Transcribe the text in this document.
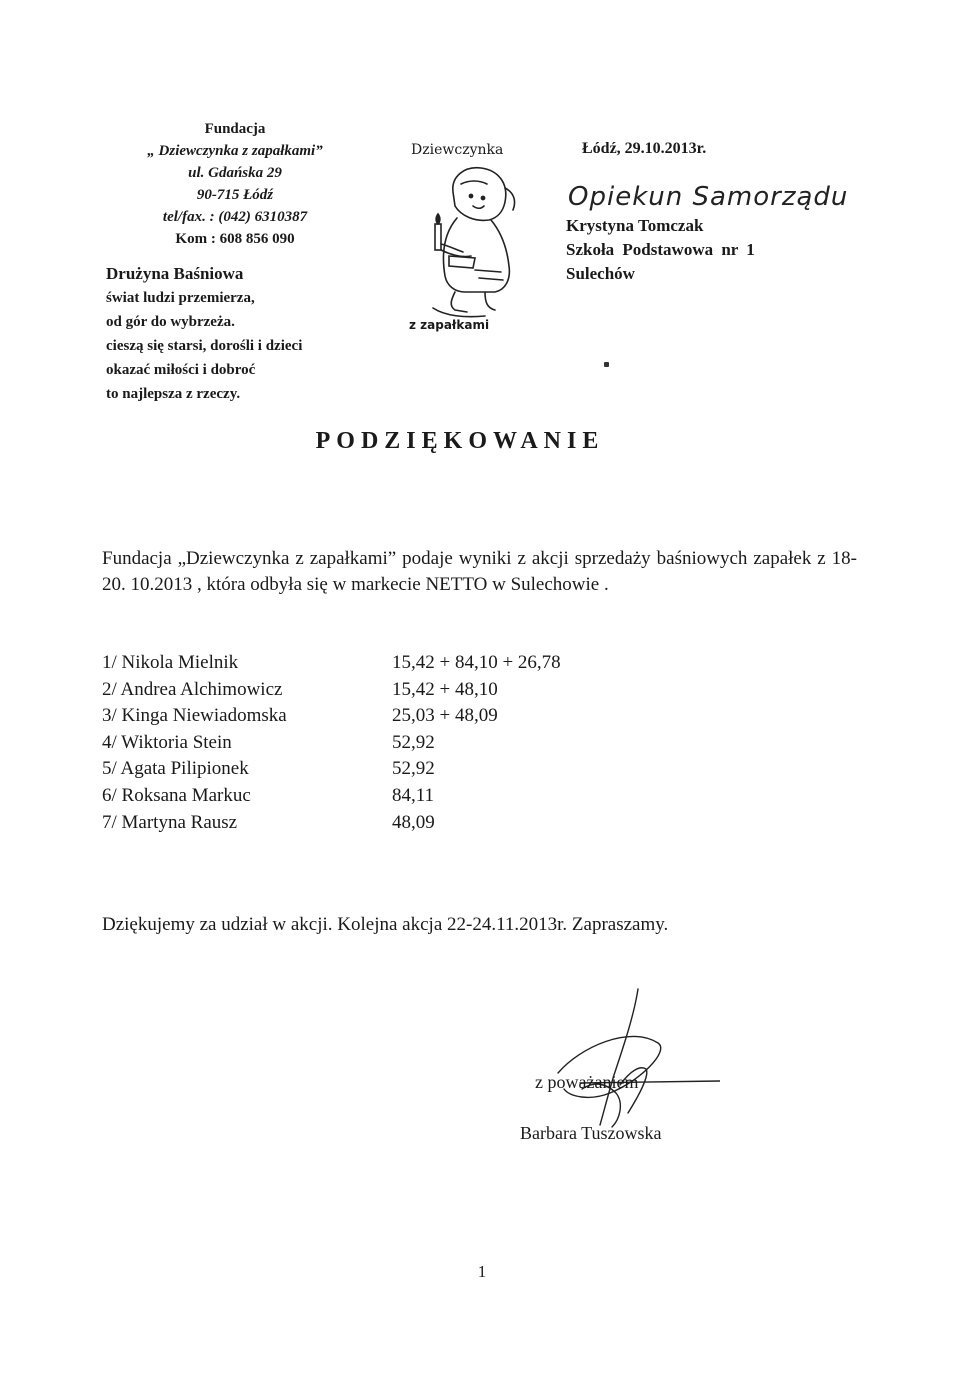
Fundacja
„ Dziewczynka z zapałkami”
ul. Gdańska 29
90-715 Łódź
tel/fax. : (042) 6310387
Kom : 608 856 090
Drużyna Baśniowa
świat ludzi przemierza,
od gór do wybrzeża.
cieszą się starsi, dorośli i dzieci
okazać miłości i dobroć
to najlepsza z rzeczy.
Dziewczynka
z zapałkami
Łódź, 29.10.2013r.
Opiekun Samorządu
Krystyna Tomczak
Szkoła Podstawowa nr 1
Sulechów
PODZIĘKOWANIE
Fundacja „Dziewczynka z zapałkami” podaje wyniki z akcji sprzedaży baśniowych zapałek z 18-20. 10.2013 , która odbyła się w markecie NETTO w Sulechowie .
1/ Nikola Mielnik	15,42 + 84,10 + 26,78
2/ Andrea Alchimowicz	15,42 + 48,10
3/ Kinga Niewiadomska	25,03 + 48,09
4/ Wiktoria Stein	52,92
5/ Agata Pilipionek	52,92
6/ Roksana Markuc	84,11
7/ Martyna Rausz	48,09
Dziękujemy za udział w akcji. Kolejna akcja 22-24.11.2013r. Zapraszamy.
z poważaniem
Barbara Tuszowska
1
